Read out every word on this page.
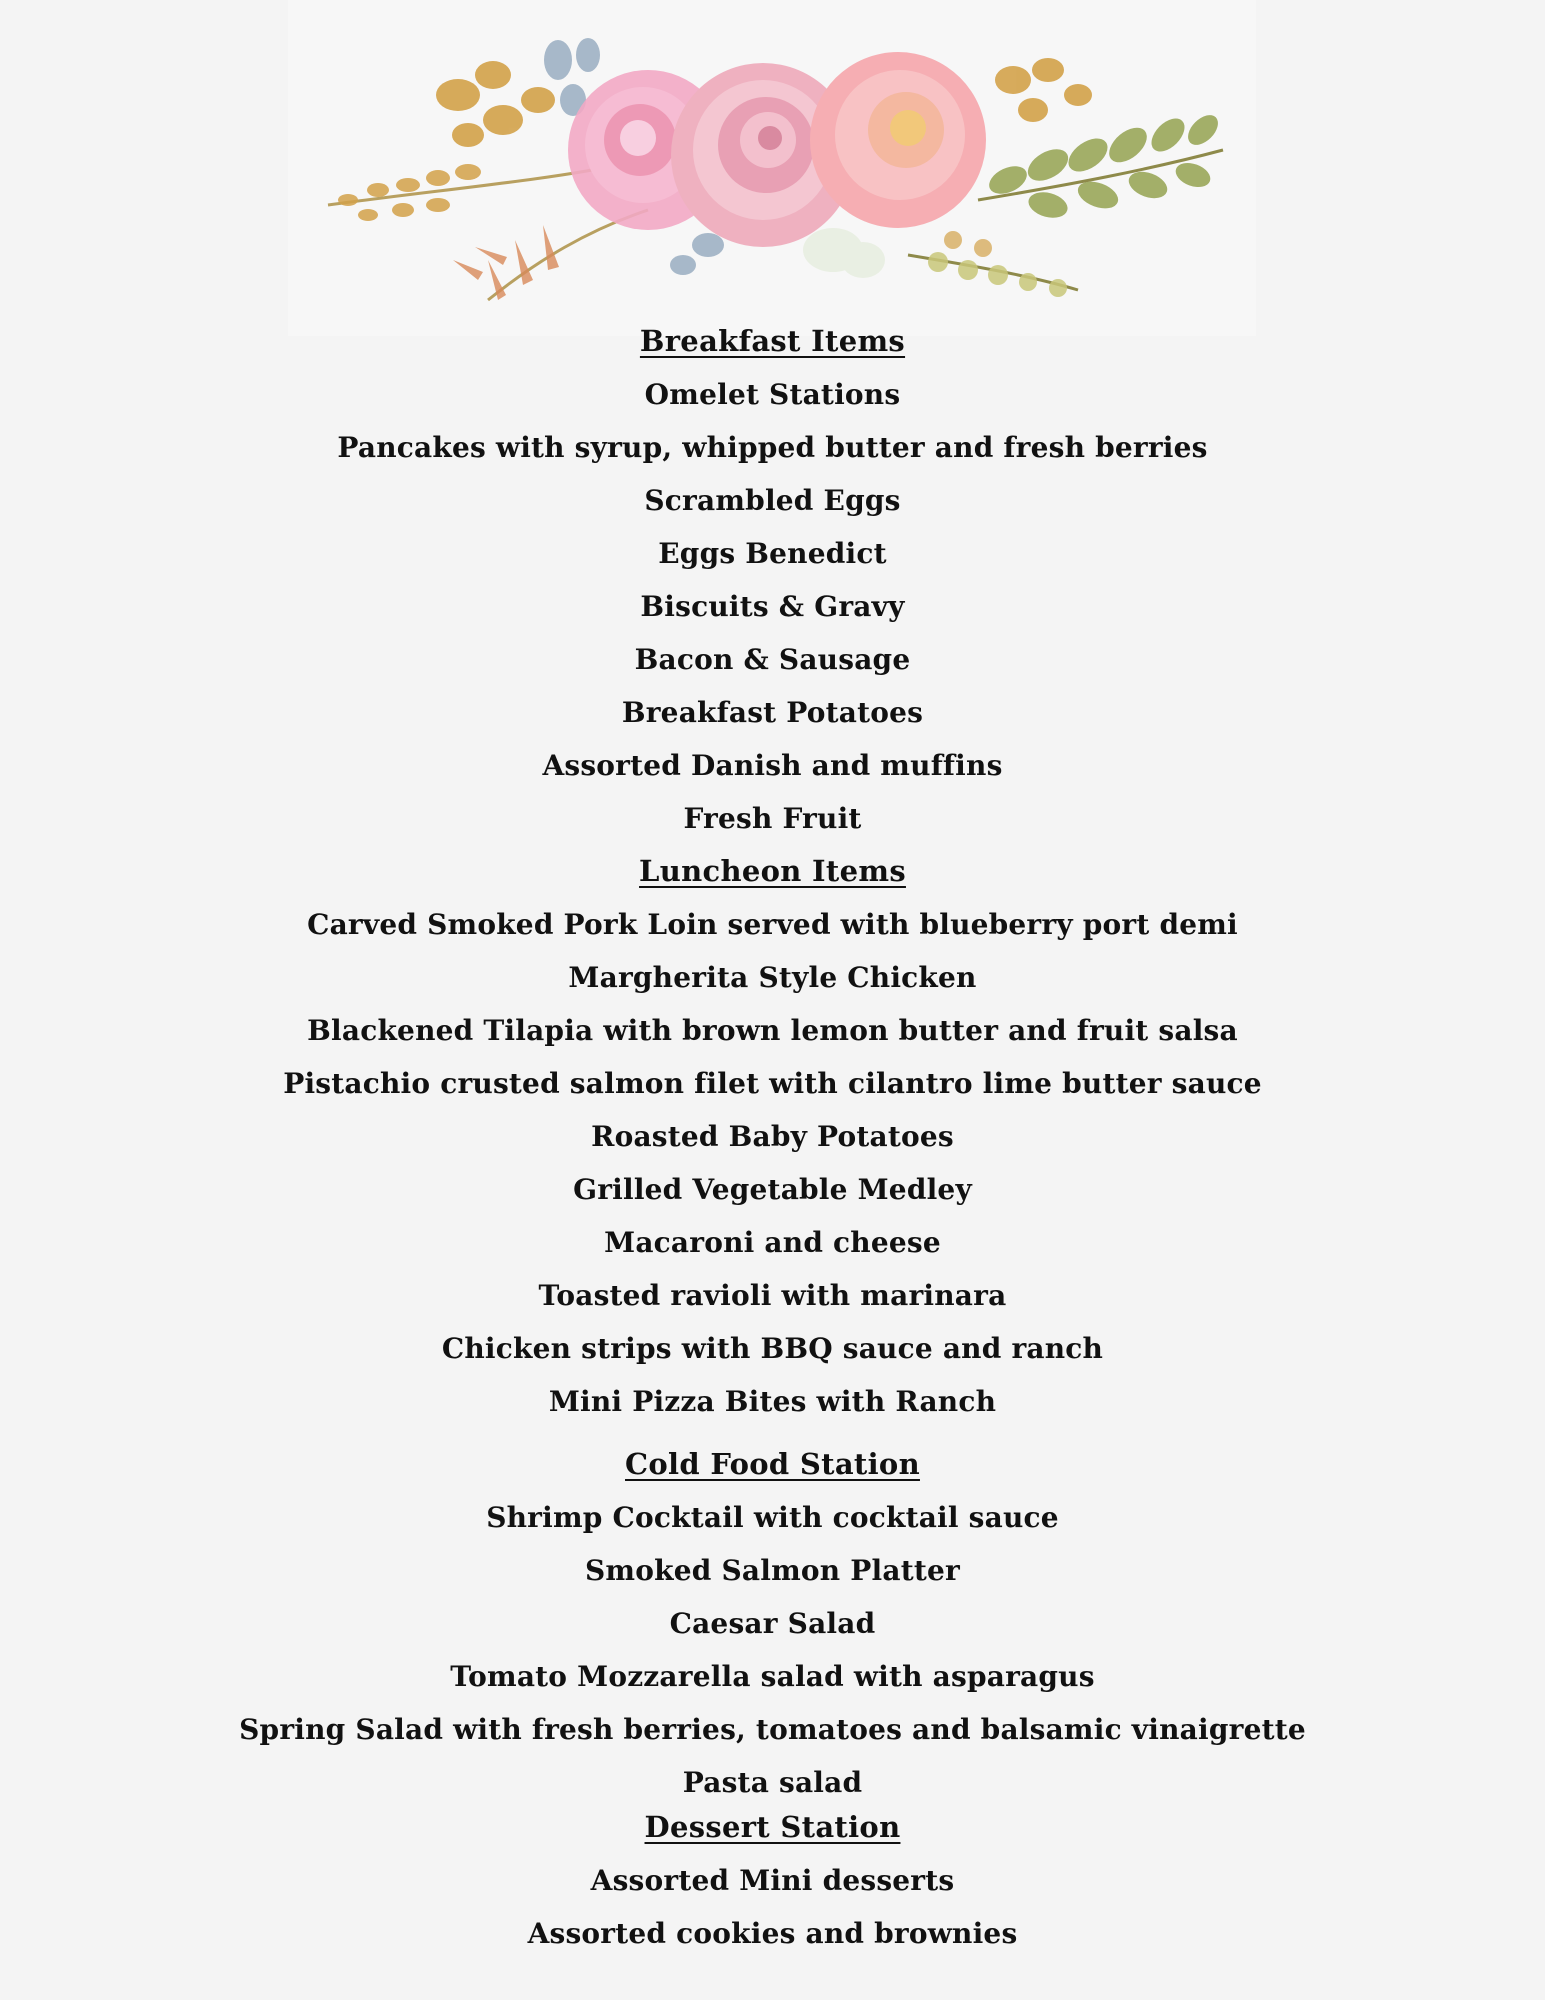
Breakfast Items
Omelet Stations
Pancakes with syrup, whipped butter and fresh berries
Scrambled Eggs
Eggs Benedict
Biscuits & Gravy
Bacon & Sausage
Breakfast Potatoes
Assorted Danish and muffins
Fresh Fruit
Luncheon Items
Carved Smoked Pork Loin served with blueberry port demi
Margherita Style Chicken
Blackened Tilapia with brown lemon butter and fruit salsa
Pistachio crusted salmon filet with cilantro lime butter sauce
Roasted Baby Potatoes
Grilled Vegetable Medley
Macaroni and cheese
Toasted ravioli with marinara
Chicken strips with BBQ sauce and ranch
Mini Pizza Bites with Ranch
Cold Food Station
Shrimp Cocktail with cocktail sauce
Smoked Salmon Platter
Caesar Salad
Tomato Mozzarella salad with asparagus
Spring Salad with fresh berries, tomatoes and balsamic vinaigrette
Pasta salad
Dessert Station
Assorted Mini desserts
Assorted cookies and brownies
